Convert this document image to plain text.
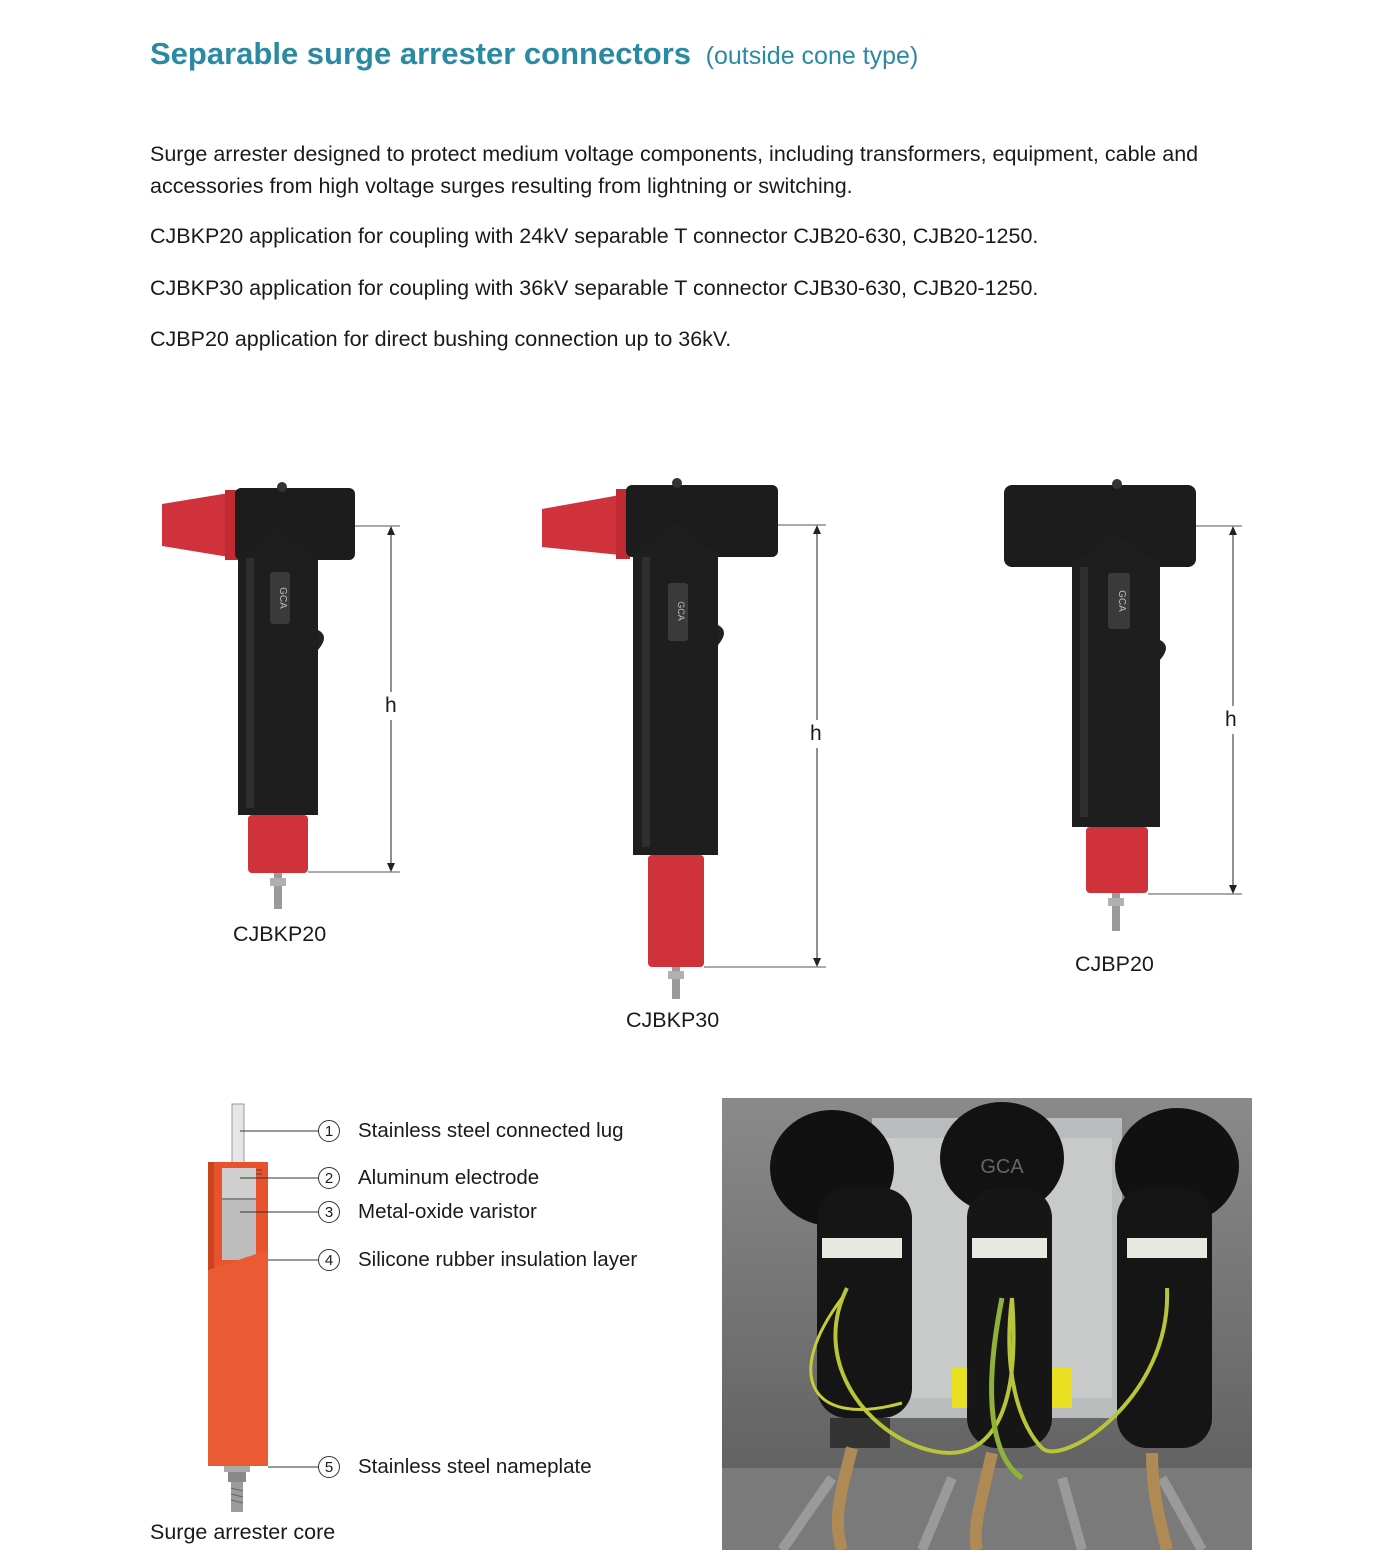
Separable surge arrester connectors (outside cone type)
Surge arrester designed to protect medium voltage components, including transformers, equipment, cable and accessories from high voltage surges resulting from lightning or switching.
CJBKP20 application for coupling with 24kV separable T connector CJB20-630, CJB20-1250.
CJBKP30 application for coupling with 36kV separable T connector CJB30-630, CJB20-1250.
CJBP20 application for direct bushing connection up to 36kV.
GCA
h
CJBKP20
GCA
h
CJBKP30
GCA
h
CJBP20
1	Stainless steel connected lug
2	Aluminum electrode
3	Metal-oxide varistor
4	Silicone rubber insulation layer
5	Stainless steel nameplate
Surge arrester core
GCA
